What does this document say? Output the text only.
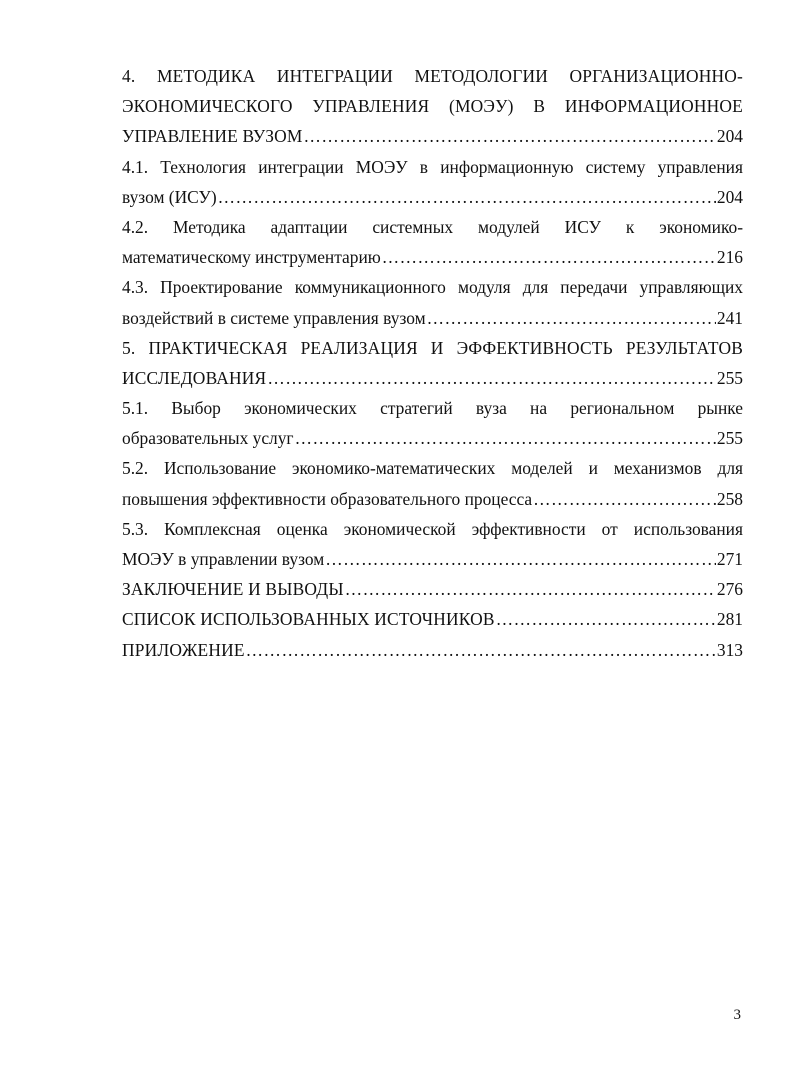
4. МЕТОДИКА ИНТЕГРАЦИИ МЕТОДОЛОГИИ ОРГАНИЗАЦИОННО-
ЭКОНОМИЧЕСКОГО УПРАВЛЕНИЯ (МОЭУ) В ИНФОРМАЦИОННОЕ
УПРАВЛЕНИЕ ВУЗОМ ………………………………………………………………………………………………………………………………………………………………………………………………	204
4.1. Технология интеграции МОЭУ в информационную систему управления
вузом (ИСУ) ………………………………………………………………………………………………………………………………………………………………………………………………	204
4.2. Методика адаптации системных модулей ИСУ к экономико-
математическому инструментарию ………………………………………………………………………………………………………………………………………………………………………………………………	216
4.3. Проектирование коммуникационного модуля для передачи управляющих
воздействий в системе управления вузом ………………………………………………………………………………………………………………………………………………………………………………………………	241
5. ПРАКТИЧЕСКАЯ РЕАЛИЗАЦИЯ И ЭФФЕКТИВНОСТЬ РЕЗУЛЬТАТОВ
ИССЛЕДОВАНИЯ ………………………………………………………………………………………………………………………………………………………………………………………………	255
5.1. Выбор экономических стратегий вуза на региональном рынке
образовательных услуг ………………………………………………………………………………………………………………………………………………………………………………………………	255
5.2. Использование экономико-математических моделей и механизмов для
повышения эффективности образовательного процесса ………………………………………………………………………………………………………………………………………………………………………………………………	258
5.3. Комплексная оценка экономической эффективности от использования
МОЭУ в управлении вузом ………………………………………………………………………………………………………………………………………………………………………………………………	271
ЗАКЛЮЧЕНИЕ И ВЫВОДЫ ………………………………………………………………………………………………………………………………………………………………………………………………	276
СПИСОК ИСПОЛЬЗОВАННЫХ ИСТОЧНИКОВ ………………………………………………………………………………………………………………………………………………………………………………………………	281
ПРИЛОЖЕНИЕ ………………………………………………………………………………………………………………………………………………………………………………………………	313
3
